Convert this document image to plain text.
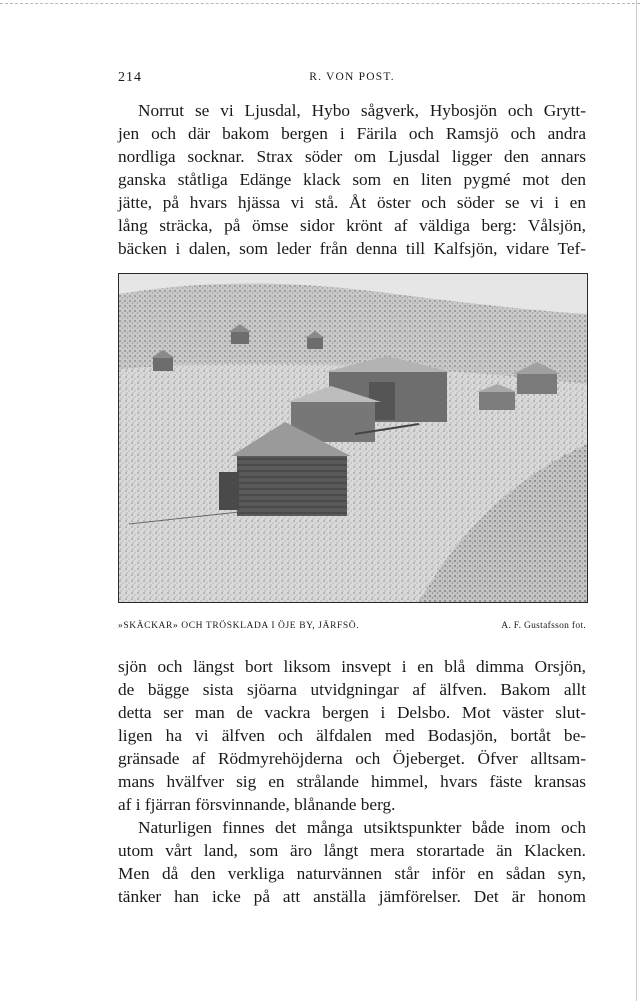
214	R. VON POST.

Norrut se vi Ljusdal, Hybo sågverk, Hybosjön och Grytt-
jen och där bakom bergen i Färila och Ramsjö och andra
nordliga socknar. Strax söder om Ljusdal ligger den annars
ganska ståtliga Edänge klack som en liten pygmé mot den
jätte, på hvars hjässa vi stå. Åt öster och söder se vi i en
lång sträcka, på ömse sidor krönt af väldiga berg: Vålsjön,
bäcken i dalen, som leder från denna till Kalfsjön, vidare Tef-

»SKÄCKAR» OCH TRÖSKLADA I ÖJE BY, JÄRFSÖ.	A. F. Gustafsson fot.

sjön och längst bort liksom insvept i en blå dimma Orsjön,
de bägge sista sjöarna utvidgningar af älfven. Bakom allt
detta ser man de vackra bergen i Delsbo. Mot väster slut-
ligen ha vi älfven och älfdalen med Bodasjön, bortåt be-
gränsade af Rödmyrehöjderna och Öjeberget. Öfver alltsam-
mans hvälfver sig en strålande himmel, hvars fäste kransas
af i fjärran försvinnande, blånande berg.

Naturligen finnes det många utsiktspunkter både inom och
utom vårt land, som äro långt mera storartade än Klacken.
Men då den verkliga naturvännen står inför en sådan syn,
tänker han icke på att anställa jämförelser. Det är honom
